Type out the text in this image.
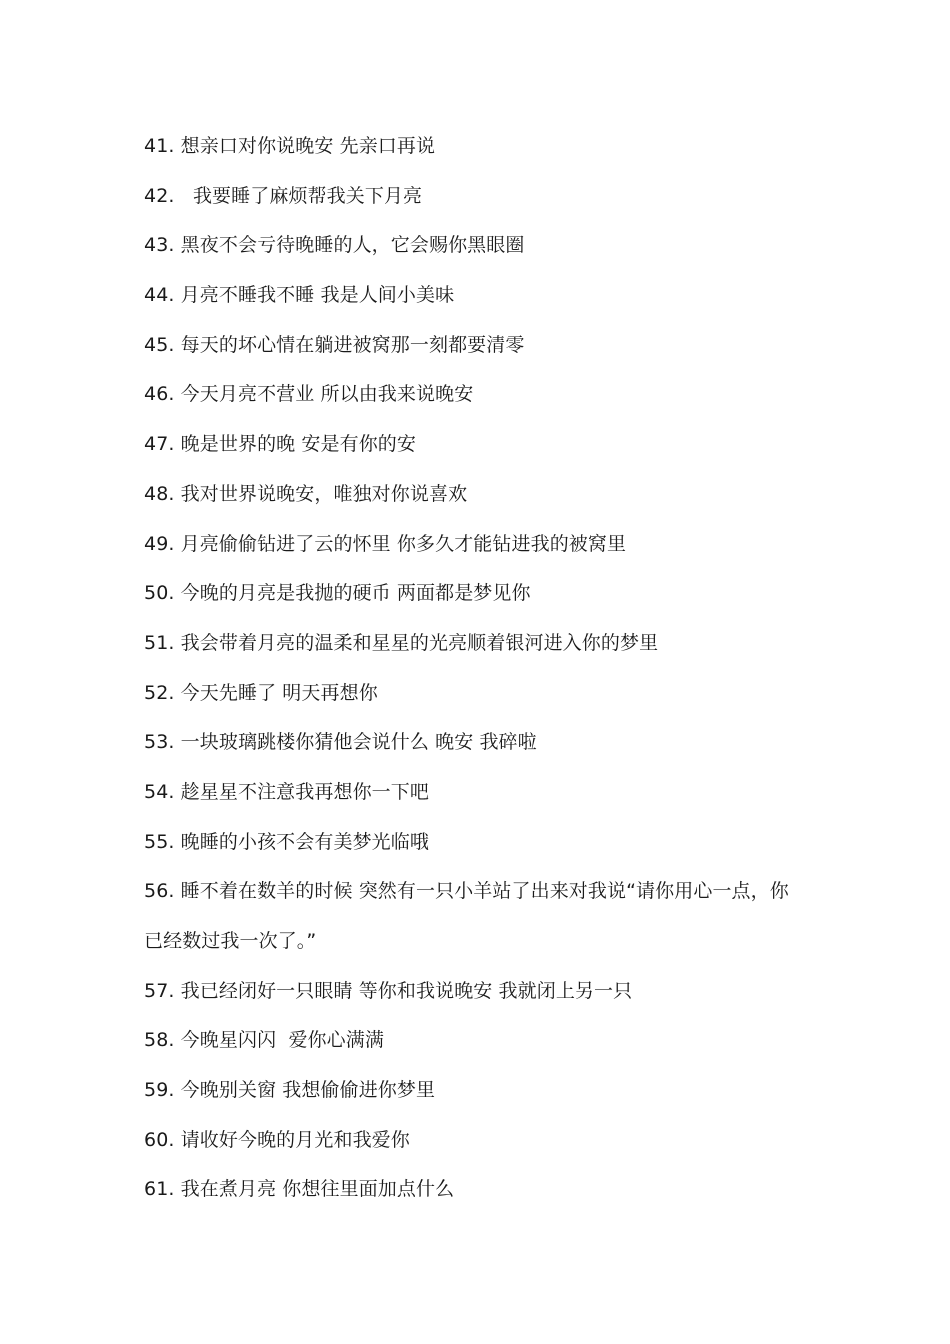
41. 想亲口对你说晚安 先亲口再说
42.   我要睡了麻烦帮我关下月亮
43. 黑夜不会亏待晚睡的人，它会赐你黑眼圈
44. 月亮不睡我不睡 我是人间小美味
45. 每天的坏心情在躺进被窝那一刻都要清零
46. 今天月亮不营业 所以由我来说晚安
47. 晚是世界的晚 安是有你的安
48. 我对世界说晚安，唯独对你说喜欢
49. 月亮偷偷钻进了云的怀里 你多久才能钻进我的被窝里
50. 今晚的月亮是我抛的硬币 两面都是梦见你
51. 我会带着月亮的温柔和星星的光亮顺着银河进入你的梦里
52. 今天先睡了 明天再想你
53. 一块玻璃跳楼你猜他会说什么 晚安 我碎啦
54. 趁星星不注意我再想你一下吧
55. 晚睡的小孩不会有美梦光临哦
56. 睡不着在数羊的时候 突然有一只小羊站了出来对我说“请你用心一点，你
已经数过我一次了。”
57. 我已经闭好一只眼睛 等你和我说晚安 我就闭上另一只
58. 今晚星闪闪  爱你心满满
59. 今晚别关窗 我想偷偷进你梦里
60. 请收好今晚的月光和我爱你
61. 我在煮月亮 你想往里面加点什么
